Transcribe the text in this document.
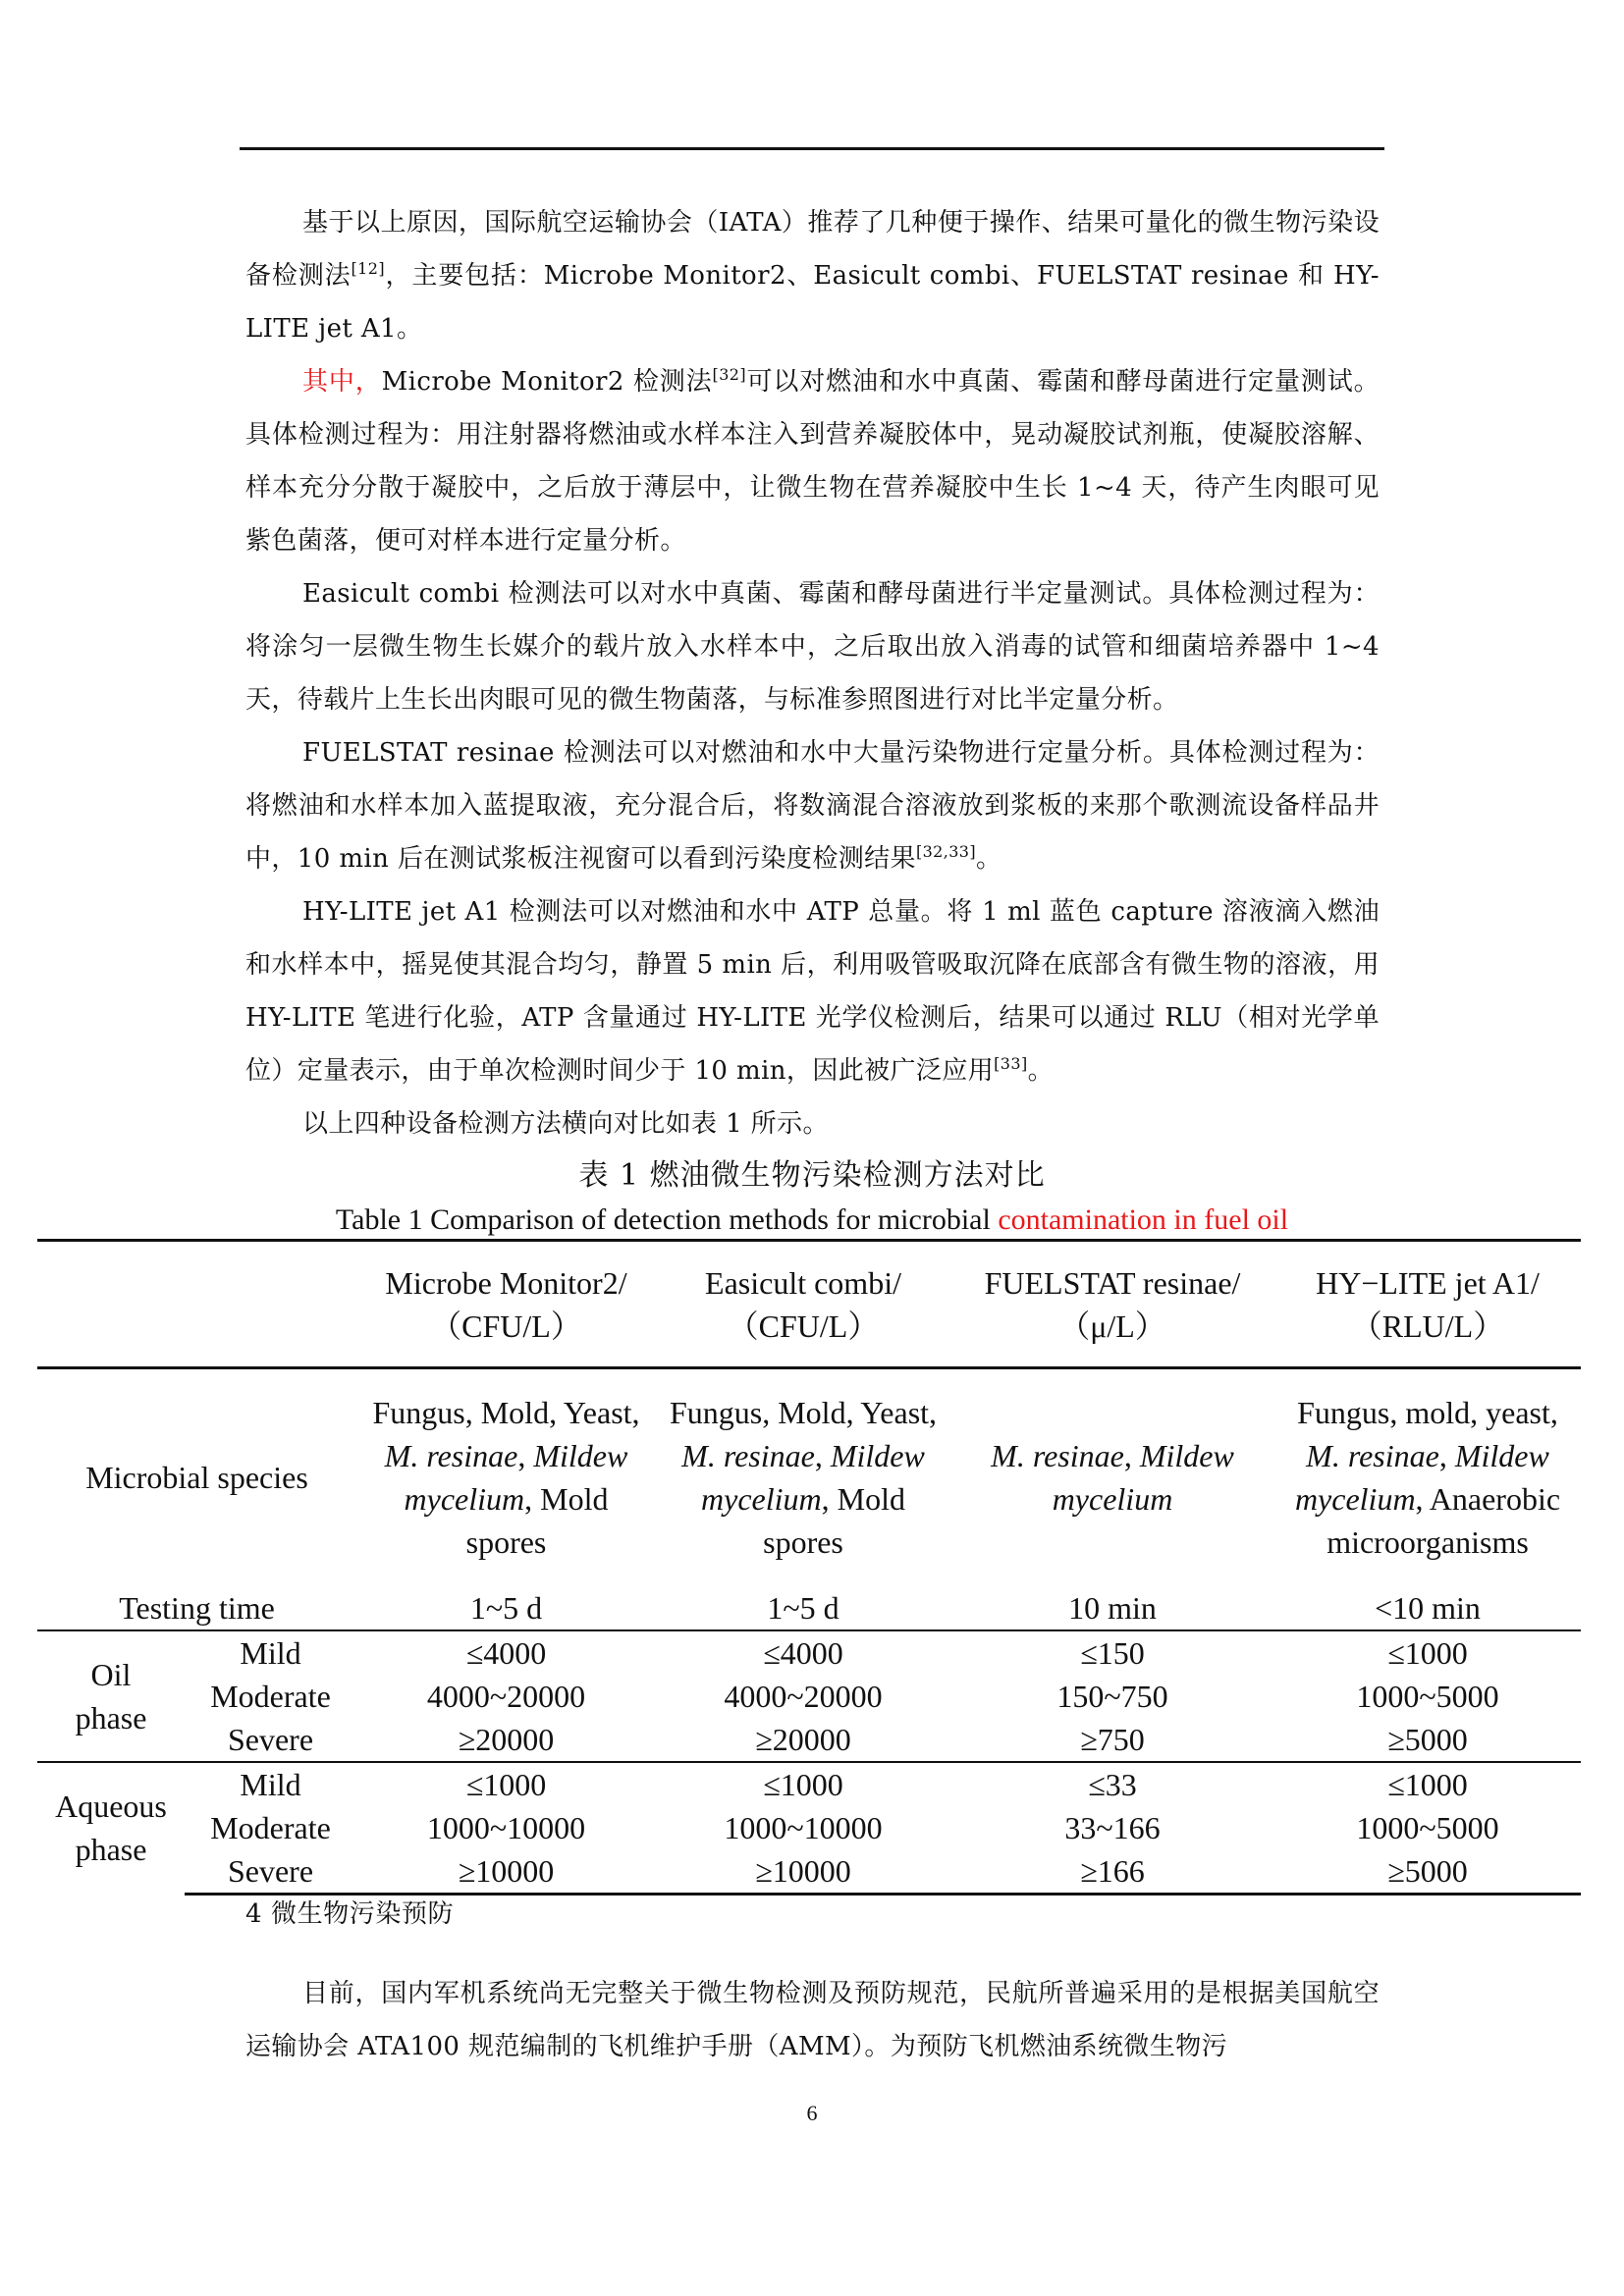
基于以上原因，国际航空运输协会（IATA）推荐了几种便于操作、结果可量化的微生物污染设备检测法[12]，主要包括：Microbe Monitor2、Easicult combi、FUELSTAT resinae 和 HY-LITE jet A1。

其中，Microbe Monitor2 检测法[32]可以对燃油和水中真菌、霉菌和酵母菌进行定量测试。具体检测过程为：用注射器将燃油或水样本注入到营养凝胶体中，晃动凝胶试剂瓶，使凝胶溶解、样本充分分散于凝胶中，之后放于薄层中，让微生物在营养凝胶中生长 1~4 天，待产生肉眼可见紫色菌落，便可对样本进行定量分析。

Easicult combi 检测法可以对水中真菌、霉菌和酵母菌进行半定量测试。具体检测过程为：将涂匀一层微生物生长媒介的载片放入水样本中，之后取出放入消毒的试管和细菌培养器中 1~4 天，待载片上生长出肉眼可见的微生物菌落，与标准参照图进行对比半定量分析。

FUELSTAT resinae 检测法可以对燃油和水中大量污染物进行定量分析。具体检测过程为：将燃油和水样本加入蓝提取液，充分混合后，将数滴混合溶液放到浆板的来那个歌测流设备样品井中，10 min 后在测试浆板注视窗可以看到污染度检测结果[32,33]。

HY-LITE jet A1 检测法可以对燃油和水中 ATP 总量。将 1 ml 蓝色 capture 溶液滴入燃油和水样本中，摇晃使其混合均匀，静置 5 min 后，利用吸管吸取沉降在底部含有微生物的溶液，用 HY-LITE 笔进行化验，ATP 含量通过 HY-LITE 光学仪检测后，结果可以通过 RLU（相对光学单位）定量表示，由于单次检测时间少于 10 min，因此被广泛应用[33]。

以上四种设备检测方法横向对比如表 1 所示。

表 1 燃油微生物污染检测方法对比
Table 1 Comparison of detection methods for microbial contamination in fuel oil
		Microbe Monitor2/（CFU/L）	Easicult combi/（CFU/L）	FUELSTAT resinae/（μ/L）	HY−LITE jet A1/（RLU/L）
Microbial species		Fungus, Mold, Yeast, M. resinae, Mildew mycelium, Mold spores	Fungus, Mold, Yeast, M. resinae, Mildew mycelium, Mold spores	M. resinae, Mildew mycelium	Fungus, mold, yeast, M. resinae, Mildew mycelium, Anaerobic microorganisms
Testing time		1~5 d	1~5 d	10 min	<10 min
Oil phase	Mild	≤4000	≤4000	≤150	≤1000
	Moderate	4000~20000	4000~20000	150~750	1000~5000
	Severe	≥20000	≥20000	≥750	≥5000
Aqueous phase	Mild	≤1000	≤1000	≤33	≤1000
	Moderate	1000~10000	1000~10000	33~166	1000~5000
	Severe	≥10000	≥10000	≥166	≥5000
4 微生物污染预防

目前，国内军机系统尚无完整关于微生物检测及预防规范，民航所普遍采用的是根据美国航空运输协会 ATA100 规范编制的飞机维护手册（AMM）。为预防飞机燃油系统微生物污

6
